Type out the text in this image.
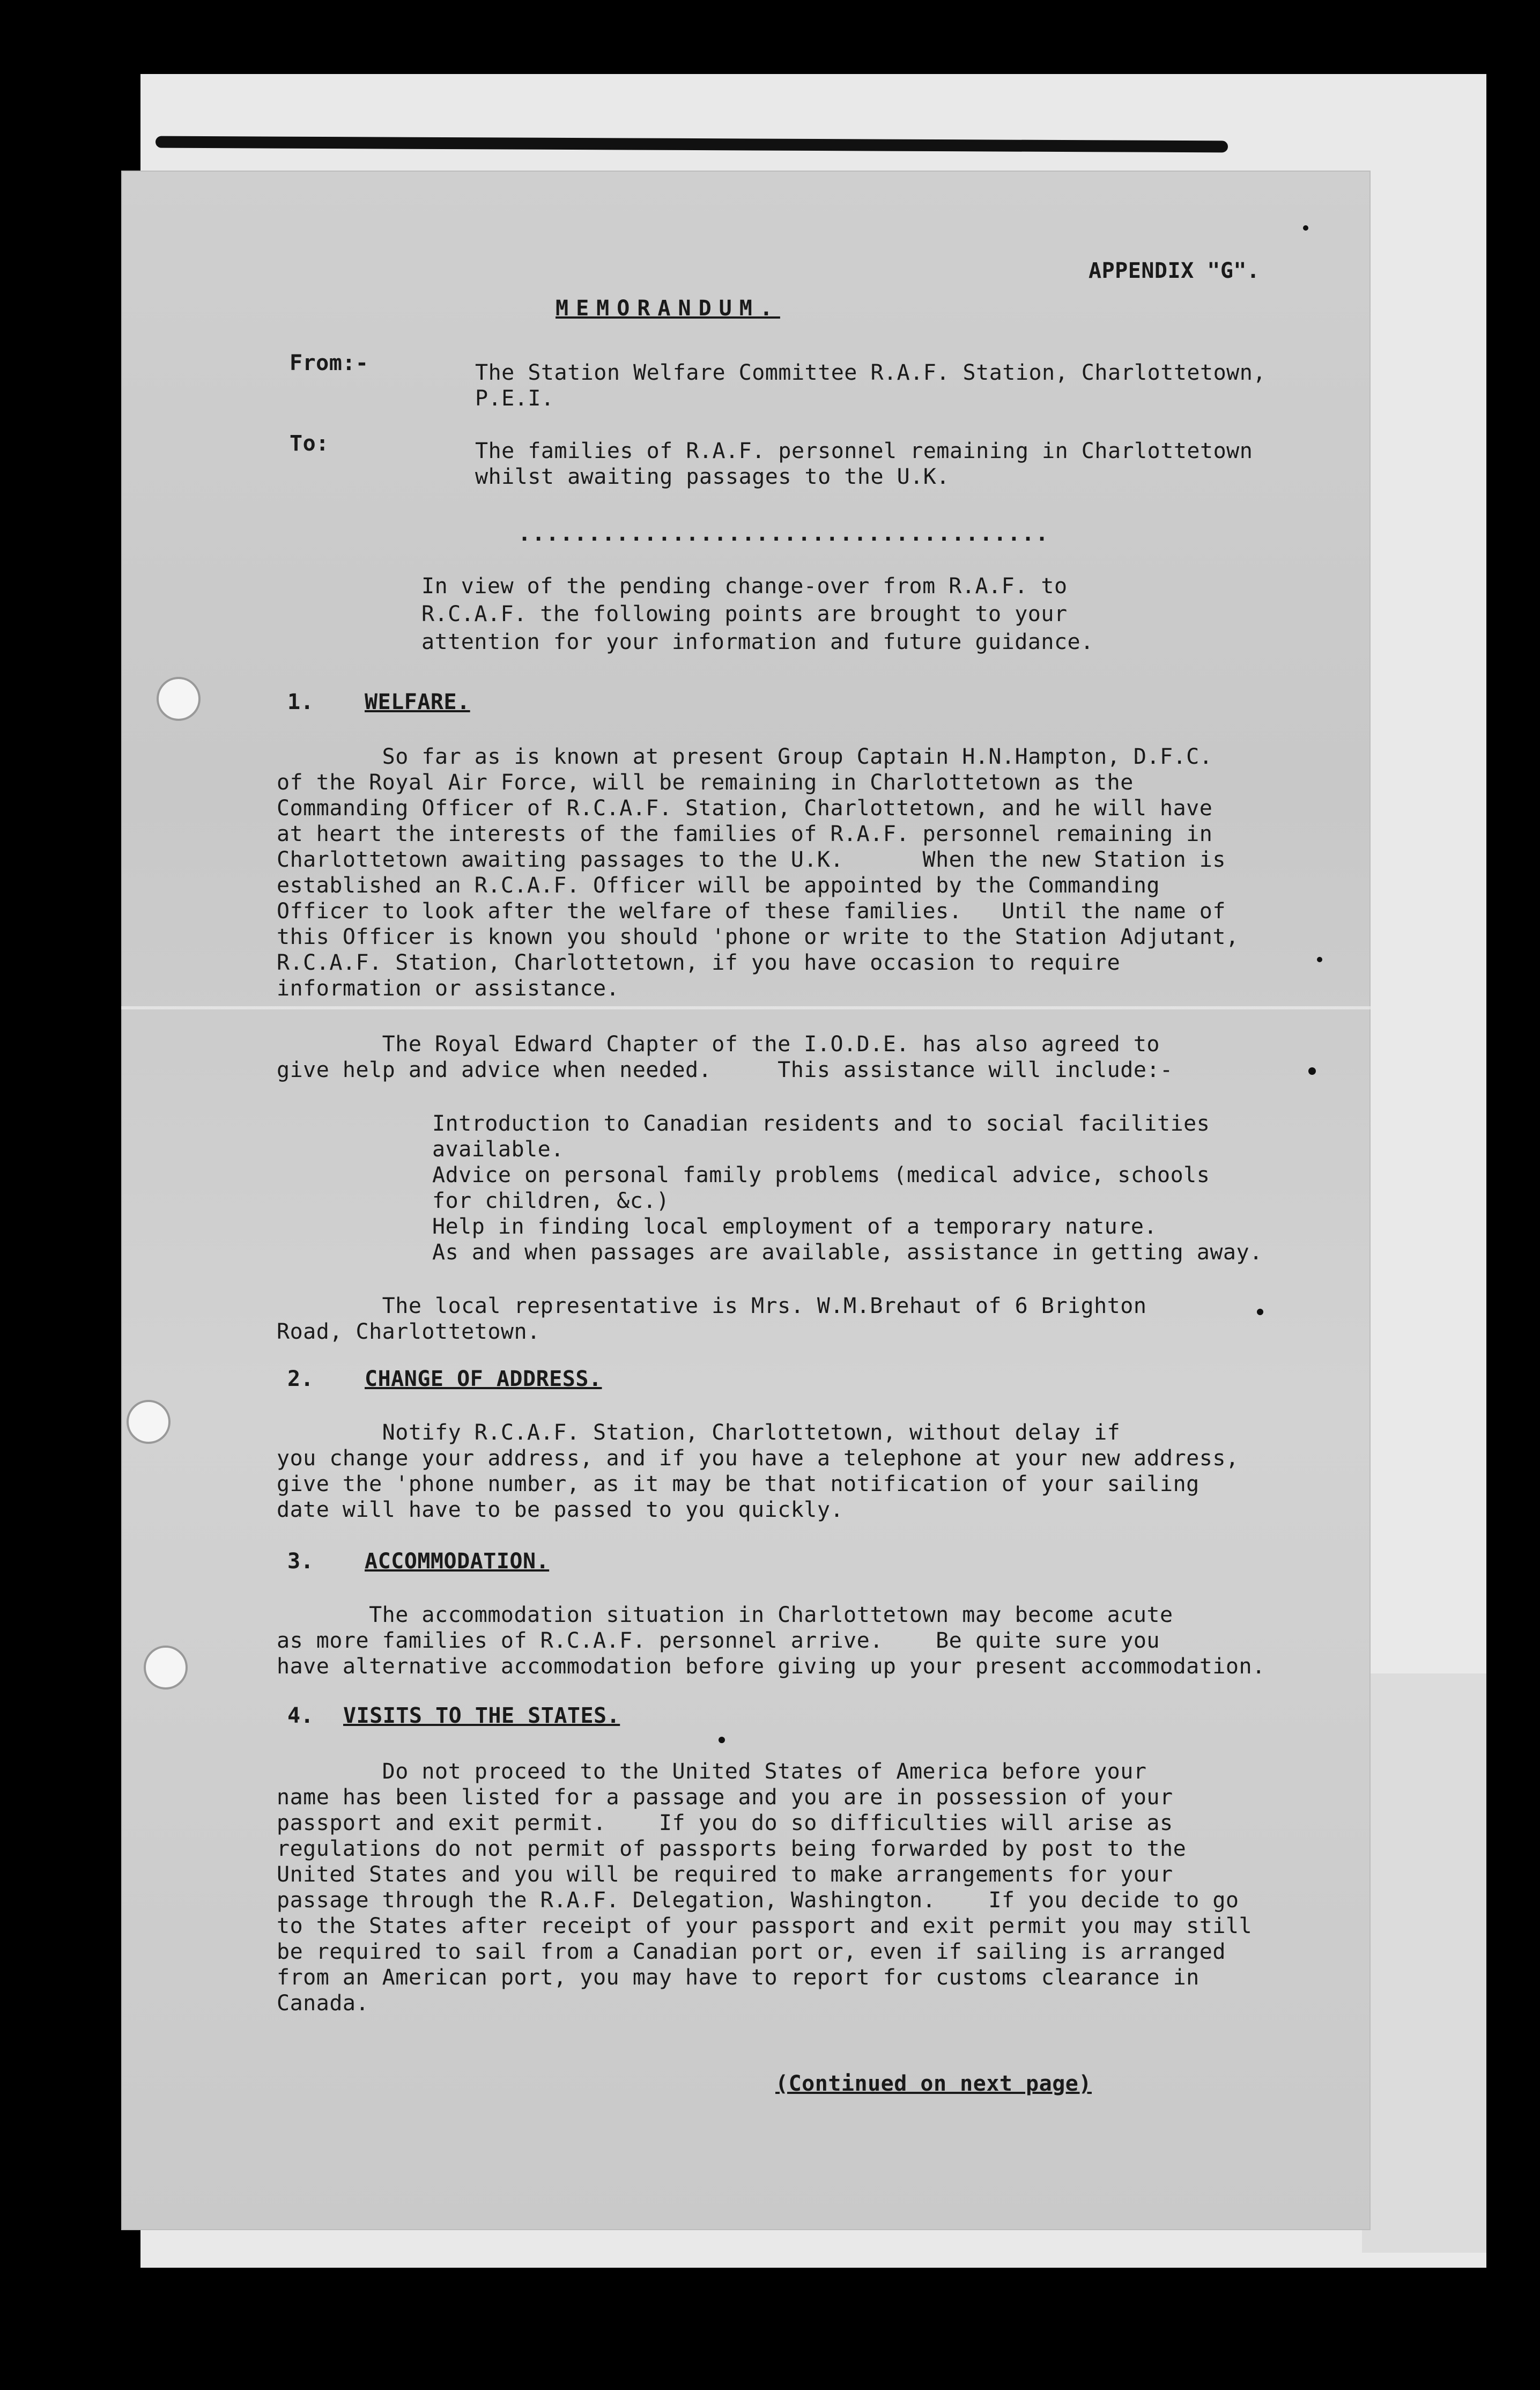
APPENDIX "G".
MEMORANDUM.
From:-	The Station Welfare Committee R.A.F. Station, Charlottetown,
P.E.I.
To:	The families of R.A.F. personnel remaining in Charlottetown
whilst awaiting passages to the U.K.
......................................
In view of the pending change-over from R.A.F. to
R.C.A.F. the following points are brought to your
attention for your information and future guidance.
1. WELFARE.
So far as is known at present Group Captain H.N.Hampton, D.F.C.
of the Royal Air Force, will be remaining in Charlottetown as the
Commanding Officer of R.C.A.F. Station, Charlottetown, and he will have
at heart the interests of the families of R.A.F. personnel remaining in
Charlottetown awaiting passages to the U.K.      When the new Station is
established an R.C.A.F. Officer will be appointed by the Commanding
Officer to look after the welfare of these families.   Until the name of
this Officer is known you should 'phone or write to the Station Adjutant,
R.C.A.F. Station, Charlottetown, if you have occasion to require
information or assistance.
The Royal Edward Chapter of the I.O.D.E. has also agreed to
give help and advice when needed.     This assistance will include:-
Introduction to Canadian residents and to social facilities
available.
Advice on personal family problems (medical advice, schools
for children, &c.)
Help in finding local employment of a temporary nature.
As and when passages are available, assistance in getting away.
The local representative is Mrs. W.M.Brehaut of 6 Brighton
Road, Charlottetown.
2. CHANGE OF ADDRESS.
Notify R.C.A.F. Station, Charlottetown, without delay if
you change your address, and if you have a telephone at your new address,
give the 'phone number, as it may be that notification of your sailing
date will have to be passed to you quickly.
3. ACCOMMODATION.
The accommodation situation in Charlottetown may become acute
as more families of R.C.A.F. personnel arrive.    Be quite sure you
have alternative accommodation before giving up your present accommodation.
4. VISITS TO THE STATES.
Do not proceed to the United States of America before your
name has been listed for a passage and you are in possession of your
passport and exit permit.    If you do so difficulties will arise as
regulations do not permit of passports being forwarded by post to the
United States and you will be required to make arrangements for your
passage through the R.A.F. Delegation, Washington.    If you decide to go
to the States after receipt of your passport and exit permit you may still
be required to sail from a Canadian port or, even if sailing is arranged
from an American port, you may have to report for customs clearance in
Canada.
(Continued on next page)
